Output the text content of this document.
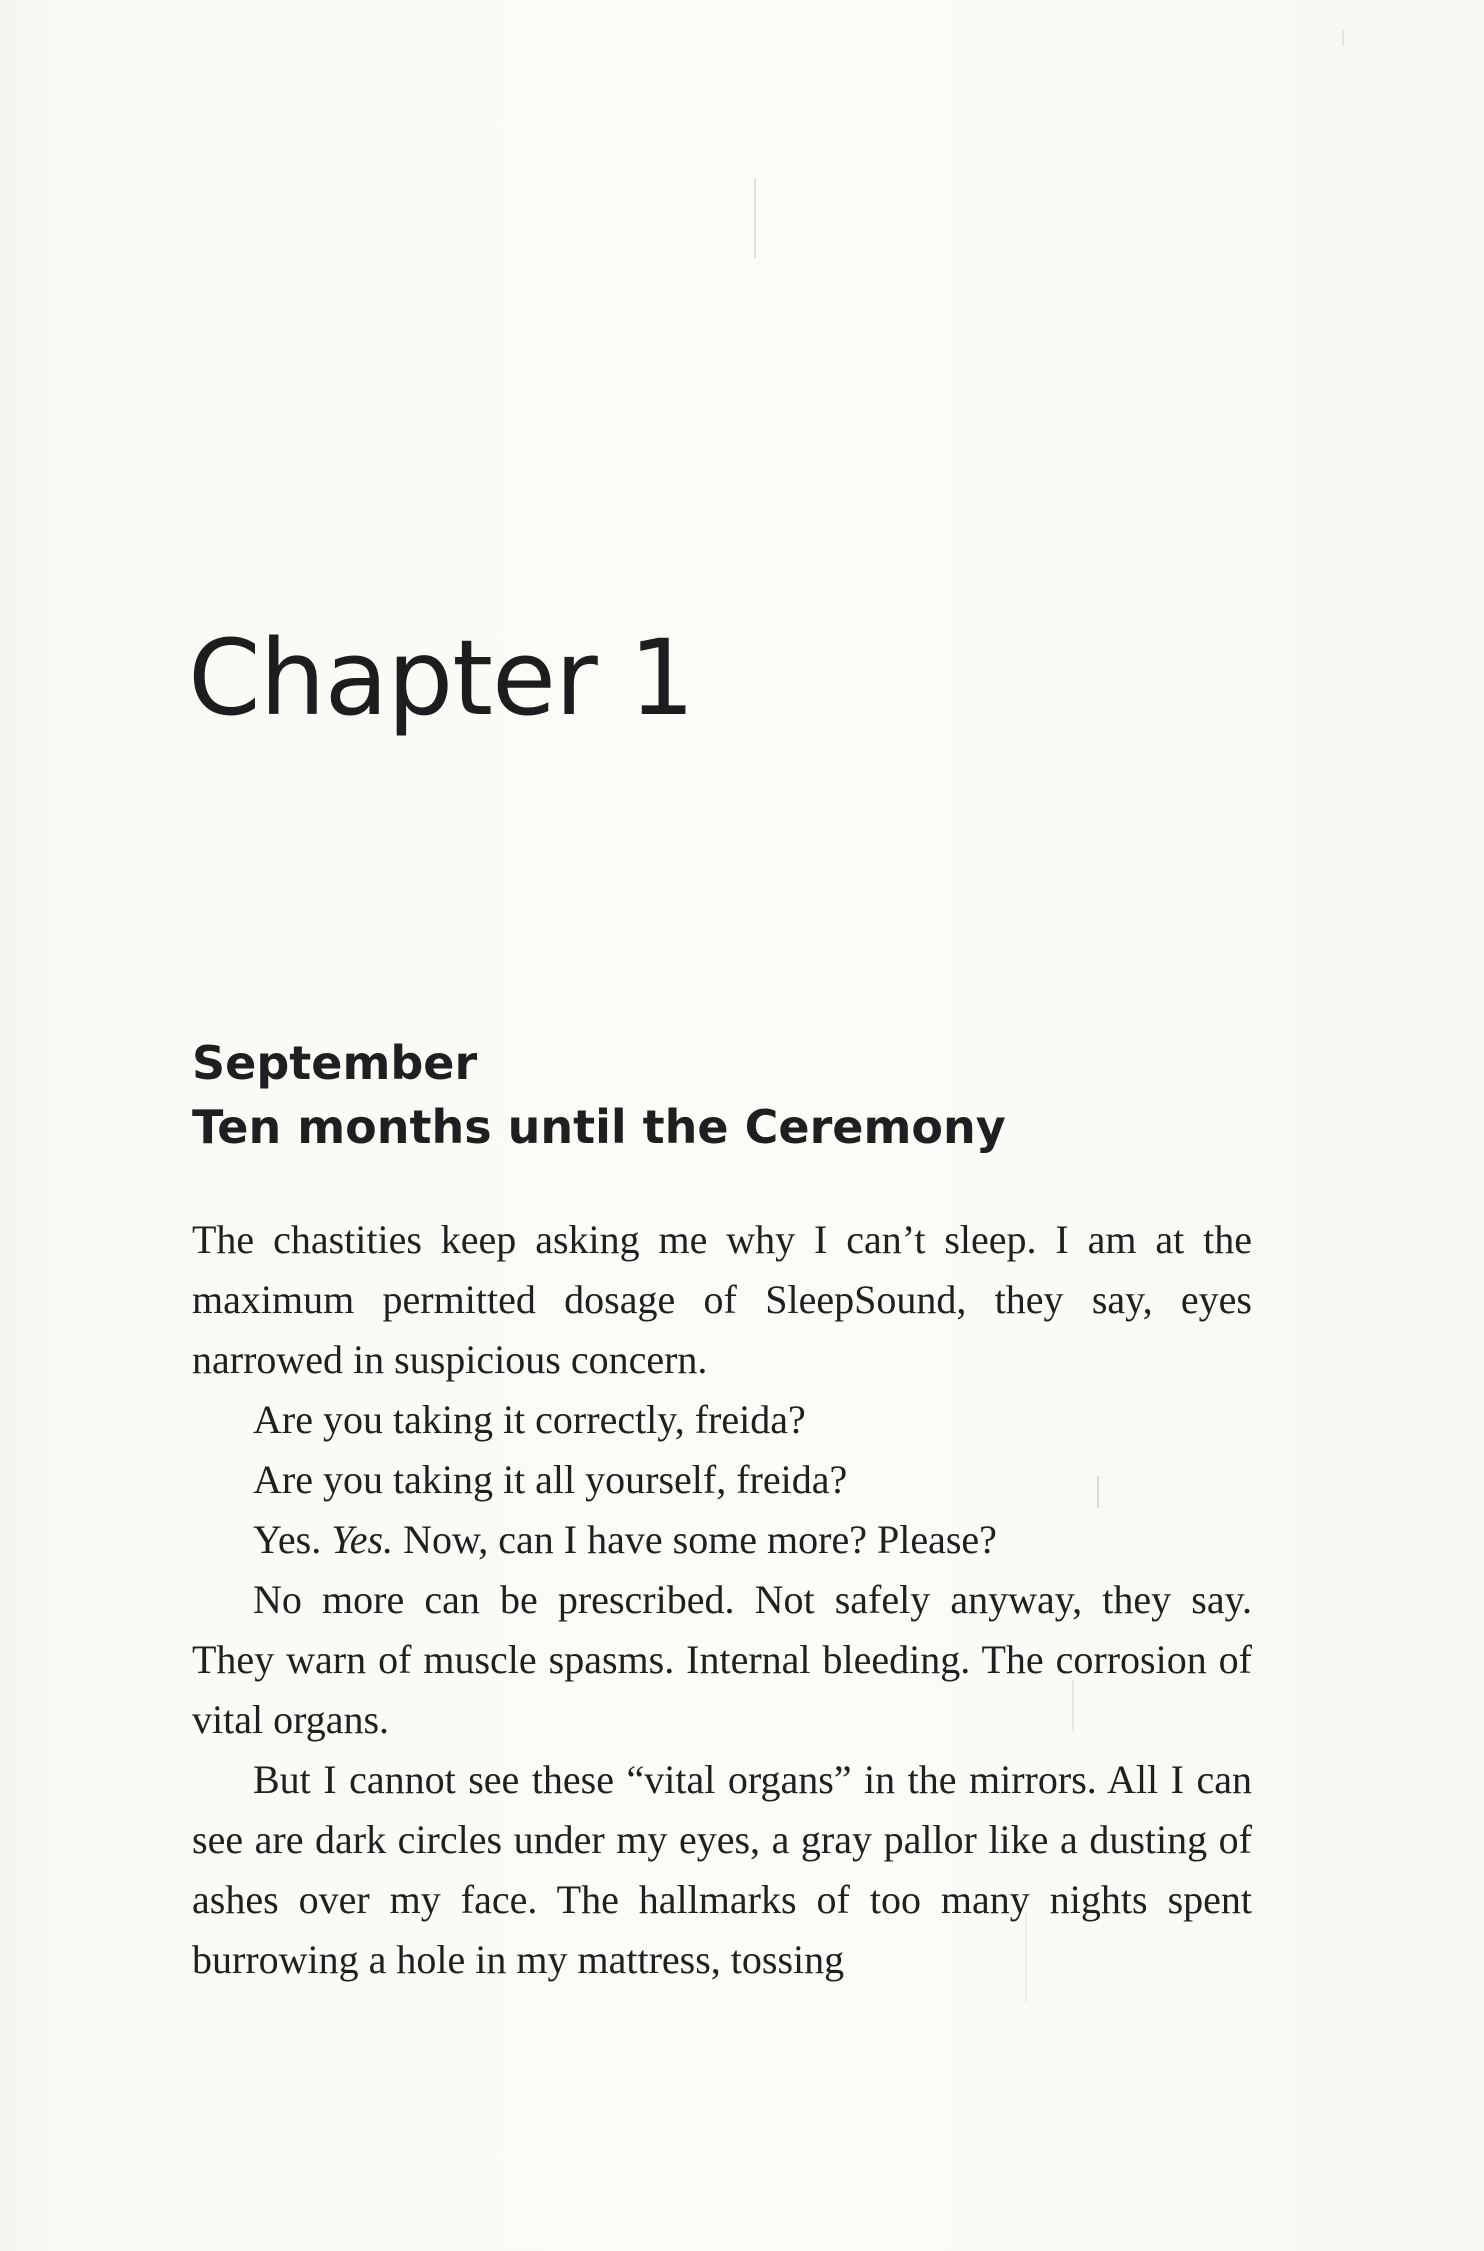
Chapter 1
September
Ten months until the Ceremony

The chastities keep asking me why I can’t sleep. I am at the maximum permitted dosage of SleepSound, they say, eyes narrowed in suspicious concern.

Are you taking it correctly, freida?

Are you taking it all yourself, freida?

Yes. Yes. Now, can I have some more? Please?

No more can be prescribed. Not safely anyway, they say. They warn of muscle spasms. Internal bleeding. The corrosion of vital organs.

But I cannot see these “vital organs” in the mirrors. All I can see are dark circles under my eyes, a gray pallor like a dusting of ashes over my face. The hallmarks of too many nights spent burrowing a hole in my mattress, tossing
